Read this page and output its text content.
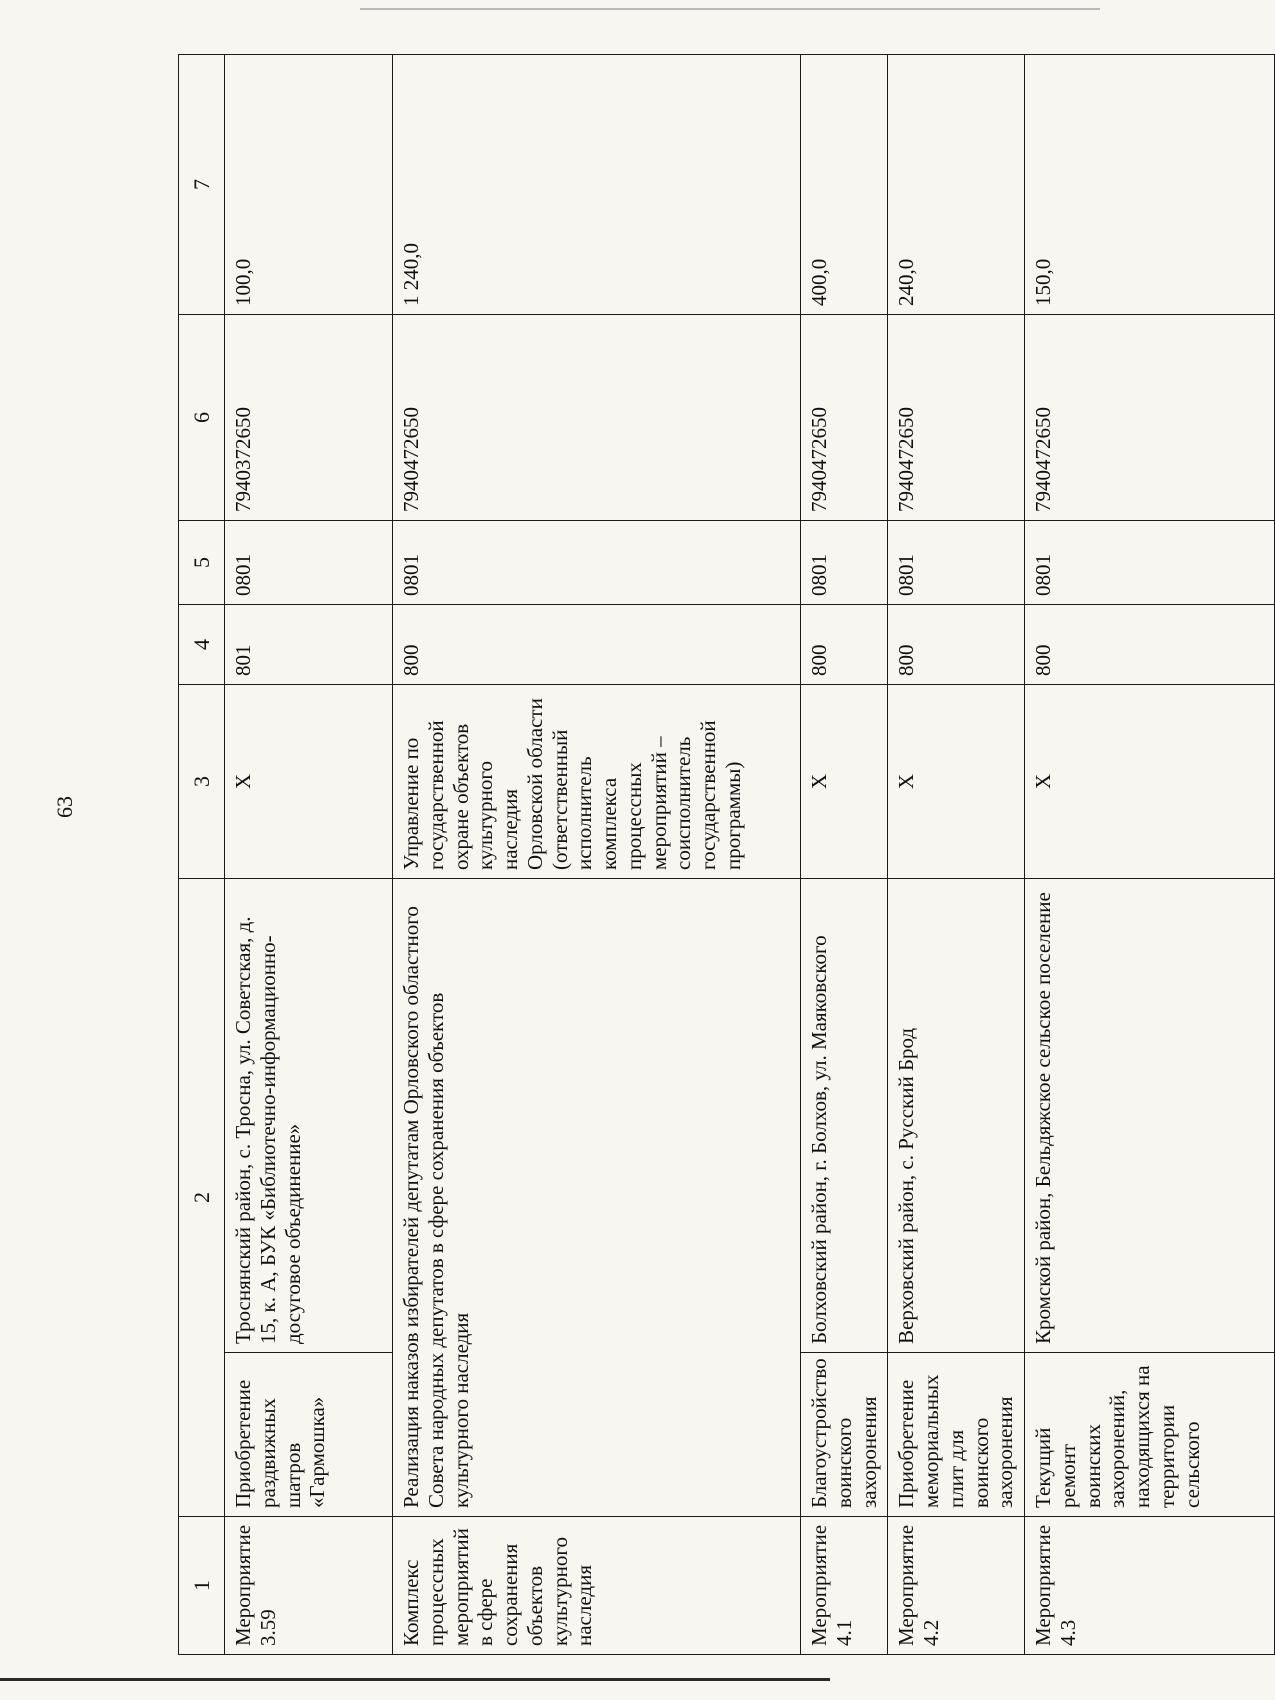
63
1	2		3	4	5	6	7
Мероприятие 3.59	Приобретение раздвижных шатров «Гармошка»	Троснянский район, с. Тросна, ул. Советская, д. 15, к. А, БУК «Библиотечно-информационно-досуговое объединение»	X	801	0801	7940372650	100,0
Комплекс процессных мероприятий в сфере сохранения объектов культурного наследия	Реализация наказов избирателей депутатам Орловского областного Совета народных депутатов в сфере сохранения объектов культурного наследия		Управление по государственной охране объектов культурного наследия Орловской области (ответственный исполнитель комплекса процессных мероприятий – соисполнитель государственной программы)	800	0801	7940472650	1 240,0
Мероприятие 4.1	Благоустройство воинского захоронения	Болховский район, г. Болхов, ул. Маяковского	X	800	0801	7940472650	400,0
Мероприятие 4.2	Приобретение мемориальных плит для воинского захоронения	Верховский район, с. Русский Брод	X	800	0801	7940472650	240,0
Мероприятие 4.3	Текущий ремонт воинских захоронений, находящихся на территории сельского	Кромской район, Бельдяжское сельское поселение	X	800	0801	7940472650	150,0
